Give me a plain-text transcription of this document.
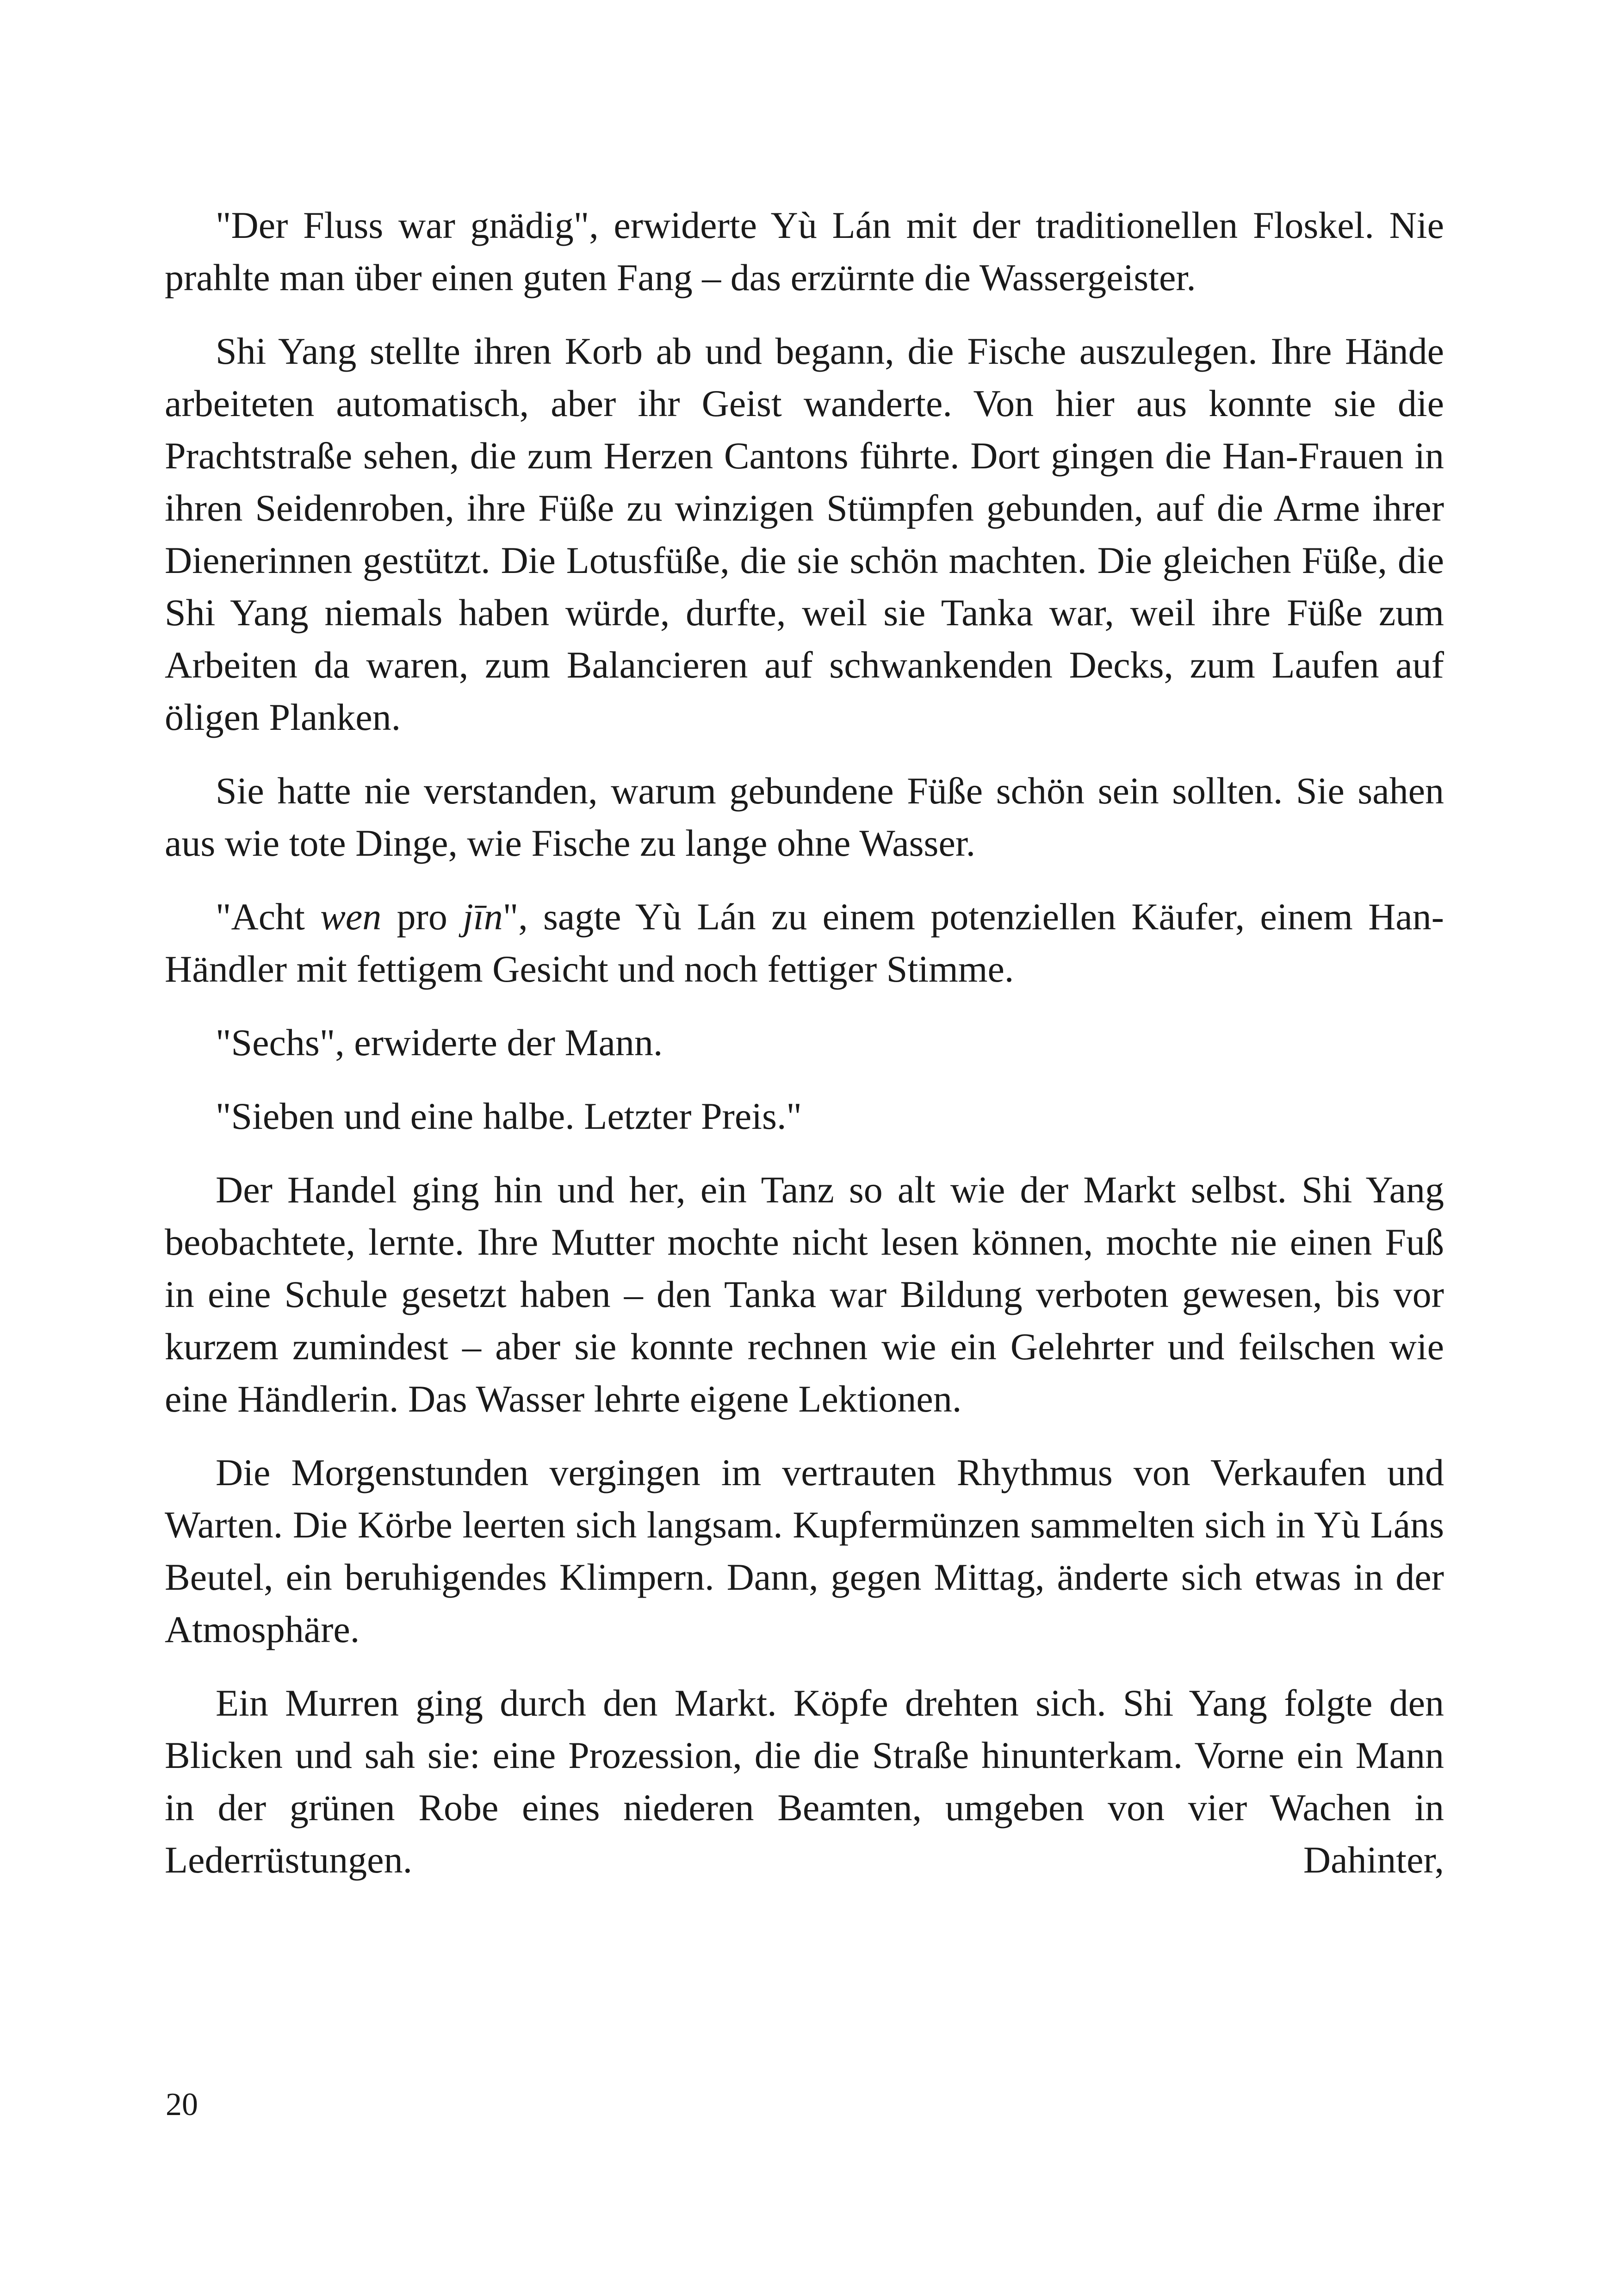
"Der Fluss war gnädig", erwiderte Yù Lán mit der traditionellen Floskel. Nie prahlte man über einen guten Fang – das erzürnte die Wassergeister.

Shi Yang stellte ihren Korb ab und begann, die Fische auszulegen. Ihre Hände arbeiteten automatisch, aber ihr Geist wanderte. Von hier aus konnte sie die Prachtstraße sehen, die zum Herzen Cantons führte. Dort gingen die Han-Frauen in ihren Seidenroben, ihre Füße zu winzigen Stümpfen gebunden, auf die Arme ihrer Dienerinnen gestützt. Die Lotusfüße, die sie schön machten. Die gleichen Füße, die Shi Yang niemals haben würde, durfte, weil sie Tanka war, weil ihre Füße zum Arbeiten da waren, zum Balancieren auf schwankenden Decks, zum Laufen auf öligen Planken.

Sie hatte nie verstanden, warum gebundene Füße schön sein sollten. Sie sahen aus wie tote Dinge, wie Fische zu lange ohne Wasser.

"Acht wen pro jīn", sagte Yù Lán zu einem potenziellen Käufer, einem Han-Händler mit fettigem Gesicht und noch fettiger Stimme.

"Sechs", erwiderte der Mann.

"Sieben und eine halbe. Letzter Preis."

Der Handel ging hin und her, ein Tanz so alt wie der Markt selbst. Shi Yang beobachtete, lernte. Ihre Mutter mochte nicht lesen können, mochte nie einen Fuß in eine Schule gesetzt haben – den Tanka war Bildung verboten gewesen, bis vor kurzem zumindest – aber sie konnte rechnen wie ein Gelehrter und feilschen wie eine Händlerin. Das Wasser lehrte eigene Lektionen.

Die Morgenstunden vergingen im vertrauten Rhythmus von Verkaufen und Warten. Die Körbe leerten sich langsam. Kupfermünzen sammelten sich in Yù Láns Beutel, ein beruhigendes Klimpern. Dann, gegen Mittag, änderte sich etwas in der Atmosphäre.

Ein Murren ging durch den Markt. Köpfe drehten sich. Shi Yang folgte den Blicken und sah sie: eine Prozession, die die Straße hinunterkam. Vorne ein Mann in der grünen Robe eines niederen Beamten, umgeben von vier Wachen in Lederrüstungen. Dahinter,

20
